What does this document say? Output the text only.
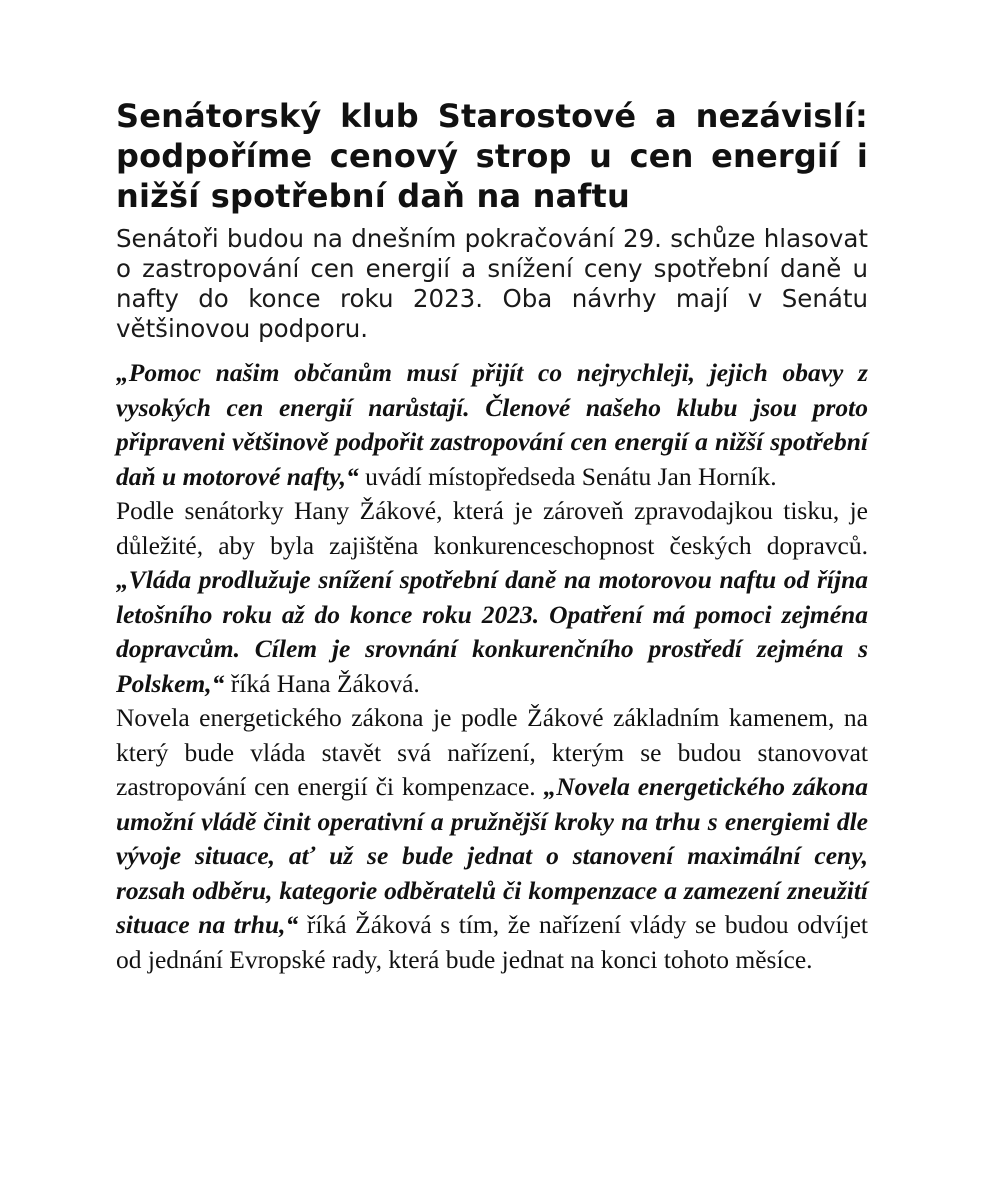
Senátorský klub Starostové a nezávislí: podpoříme cenový strop u cen energií i nižší spotřební daň na naftu

Senátoři budou na dnešním pokračování 29. schůze hlasovat o zastropování cen energií a snížení ceny spotřební daně u nafty do konce roku 2023. Oba návrhy mají v Senátu většinovou podporu.

„Pomoc našim občanům musí přijít co nejrychleji, jejich obavy z vysokých cen energií narůstají. Členové našeho klubu jsou proto připraveni většinově podpořit zastropování cen energií a nižší spotřební daň u motorové nafty,“ uvádí místopředseda Senátu Jan Horník.

Podle senátorky Hany Žákové, která je zároveň zpravodajkou tisku, je důležité, aby byla zajištěna konkurenceschopnost českých dopravců. „Vláda prodlužuje snížení spotřební daně na motorovou naftu od října letošního roku až do konce roku 2023. Opatření má pomoci zejména dopravcům. Cílem je srovnání konkurenčního prostředí zejména s Polskem,“ říká Hana Žáková.

Novela energetického zákona je podle Žákové základním kamenem, na který bude vláda stavět svá nařízení, kterým se budou stanovovat zastropování cen energií či kompenzace. „Novela energetického zákona umožní vládě činit operativní a pružnější kroky na trhu s energiemi dle vývoje situace, ať už se bude jednat o stanovení maximální ceny, rozsah odběru, kategorie odběratelů či kompenzace a zamezení zneužití situace na trhu,“ říká Žáková s tím, že nařízení vlády se budou odvíjet od jednání Evropské rady, která bude jednat na konci tohoto měsíce.
